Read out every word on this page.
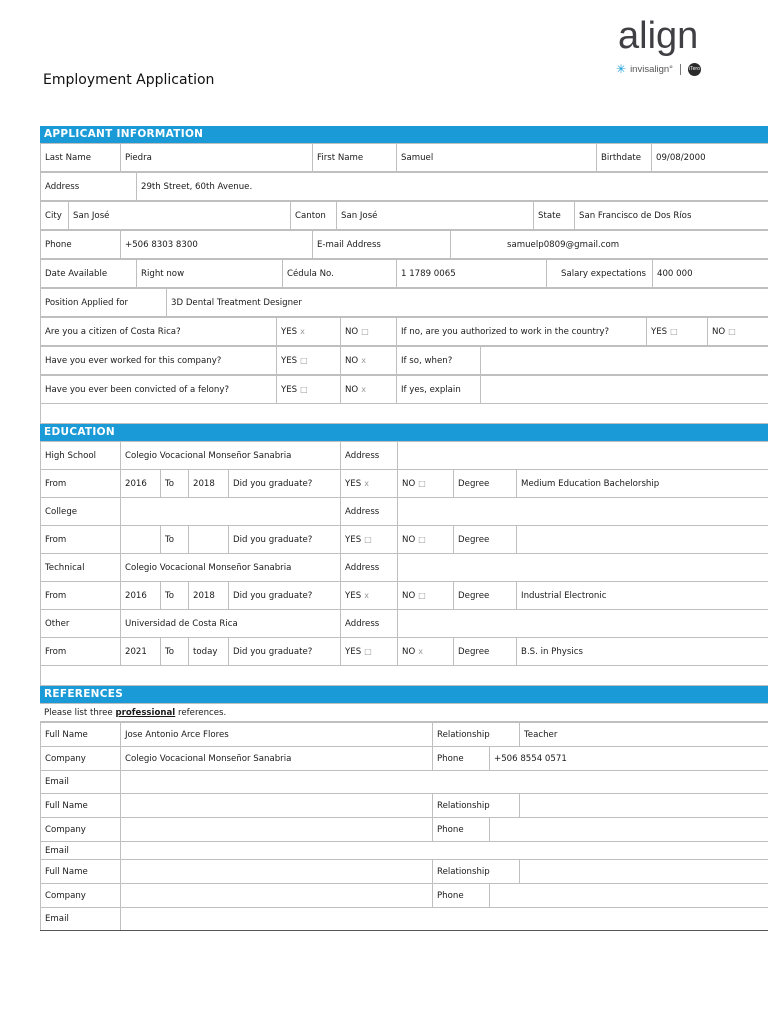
align
✳ invisalign°	iTero
Employment Application
APPLICANT INFORMATION
Last Name	Piedra	First Name	Samuel	Birthdate	09/08/2000
Address	29th Street, 60th Avenue.
City	San José	Canton	San José	State	San Francisco de Dos Ríos
Phone	+506 8303 8300	E-mail Address	samuelp0809@gmail.com
Date Available	Right now	Cédula No.	1 1789 0065	Salary expectations	400 000
Position Applied for	3D Dental Treatment Designer
Are you a citizen of Costa Rica?	YES x	NO □	If no, are you authorized to work in the country?	YES □	NO □
Have you ever worked for this company?	YES □	NO x	If so, when?	
Have you ever been convicted of a felony?	YES □	NO x	If yes, explain	
EDUCATION
High School	Colegio Vocacional Monseñor Sanabria				Address			
From	2016	To	2018	Did you graduate?	YES x	NO □	Degree	Medium Education Bachelorship
College					Address			
From		To		Did you graduate?	YES □	NO □	Degree	
Technical	Colegio Vocacional Monseñor Sanabria				Address			
From	2016	To	2018	Did you graduate?	YES x	NO □	Degree	Industrial Electronic
Other	Universidad de Costa Rica				Address			
From	2021	To	today	Did you graduate?	YES □	NO x	Degree	B.S. in Physics
REFERENCES
Please list three professional references.
Full Name	Jose Antonio Arce Flores	Relationship		Teacher
Company	Colegio Vocacional Monseñor Sanabria	Phone	+506 8554 0571	
Email				
Full Name		Relationship		
Company		Phone		
Email				
Full Name		Relationship		
Company		Phone		
Email				
